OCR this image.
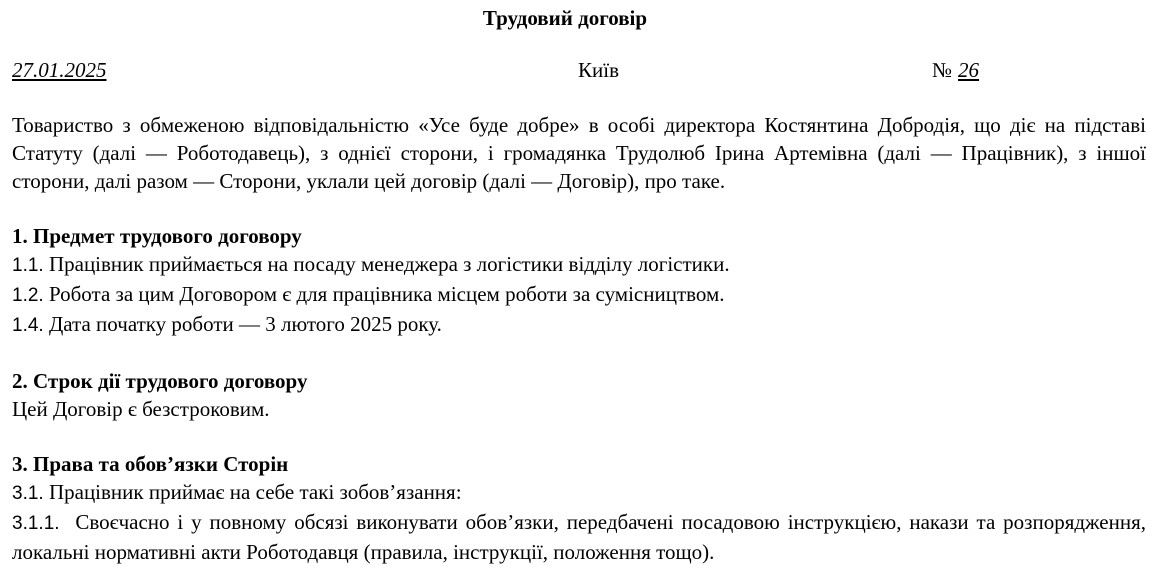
Трудовий договір
27.01.2025	Київ	№ 26

Товариство з обмеженою відповідальністю «Усе буде добре» в особі директора Костянтина Добродія, що діє на підставі Статуту (далі –– Роботодавець), з однієї сторони, і громадянка Трудолюб Ірина Артемівна (далі –– Працівник), з іншої сторони, далі разом –– Сторони, уклали цей договір (далі –– Договір), про таке.

1. Предмет трудового договору

1.1. Працівник приймається на посаду менеджера з логістики відділу логістики.

1.2. Робота за цим Договором є для працівника місцем роботи за сумісництвом.

1.4. Дата початку роботи — 3 лютого 2025 року.

2. Строк дії трудового договору

Цей Договір є безстроковим.

3. Права та обов’язки Сторін

3.1. Працівник приймає на себе такі зобов’язання:

3.1.1. Своєчасно і у повному обсязі виконувати обов’язки, передбачені посадовою інструкцією, накази та розпорядження, локальні нормативні акти Роботодавця (правила, інструкції, положення тощо).
